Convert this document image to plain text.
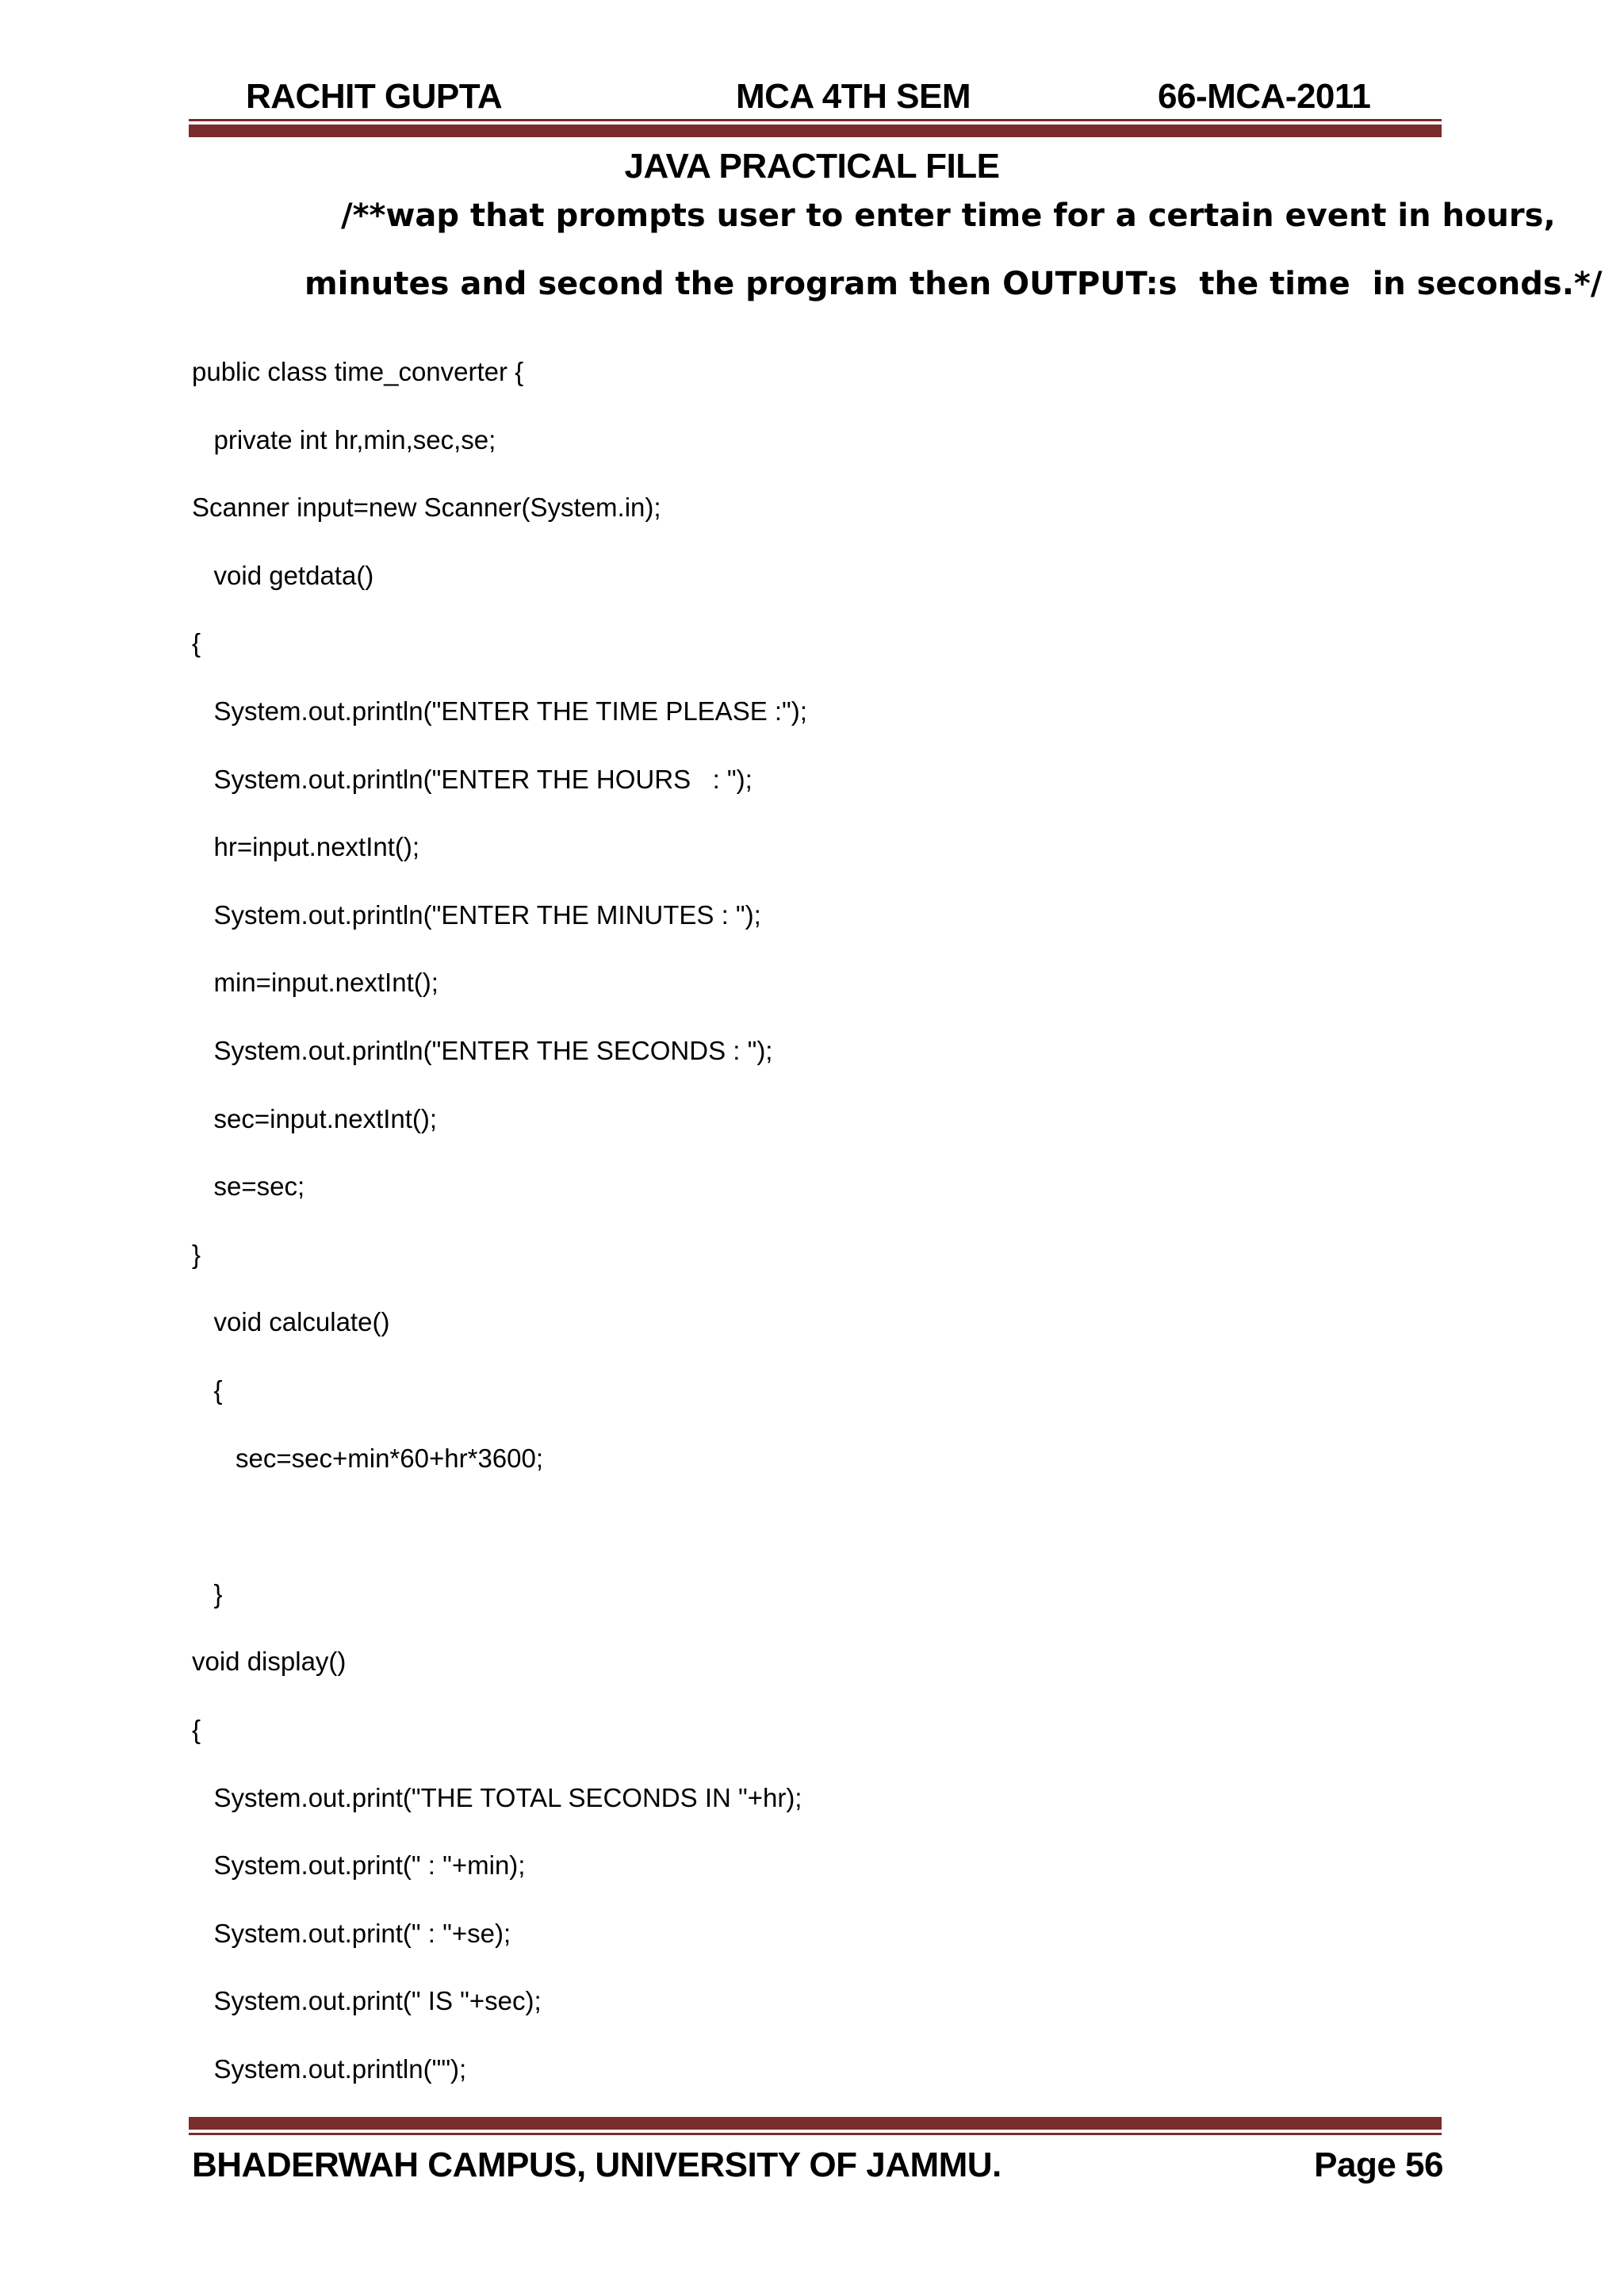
RACHIT GUPTA	MCA 4TH SEM	66-MCA-2011
JAVA PRACTICAL FILE
/**wap that prompts user to enter time for a certain event in hours,
minutes and second the program then OUTPUT:s  the time  in seconds.*/
public class time_converter {
private int hr,min,sec,se;
Scanner input=new Scanner(System.in);
void getdata()
{
System.out.println("ENTER THE TIME PLEASE :");
System.out.println("ENTER THE HOURS   : ");
hr=input.nextInt();
System.out.println("ENTER THE MINUTES : ");
min=input.nextInt();
System.out.println("ENTER THE SECONDS : ");
sec=input.nextInt();
se=sec;
}
void calculate()
{
sec=sec+min*60+hr*3600;
}
void display()
{
System.out.print("THE TOTAL SECONDS IN "+hr);
System.out.print(" : "+min);
System.out.print(" : "+se);
System.out.print(" IS "+sec);
System.out.println("");
BHADERWAH CAMPUS, UNIVERSITY OF JAMMU.	Page 56
